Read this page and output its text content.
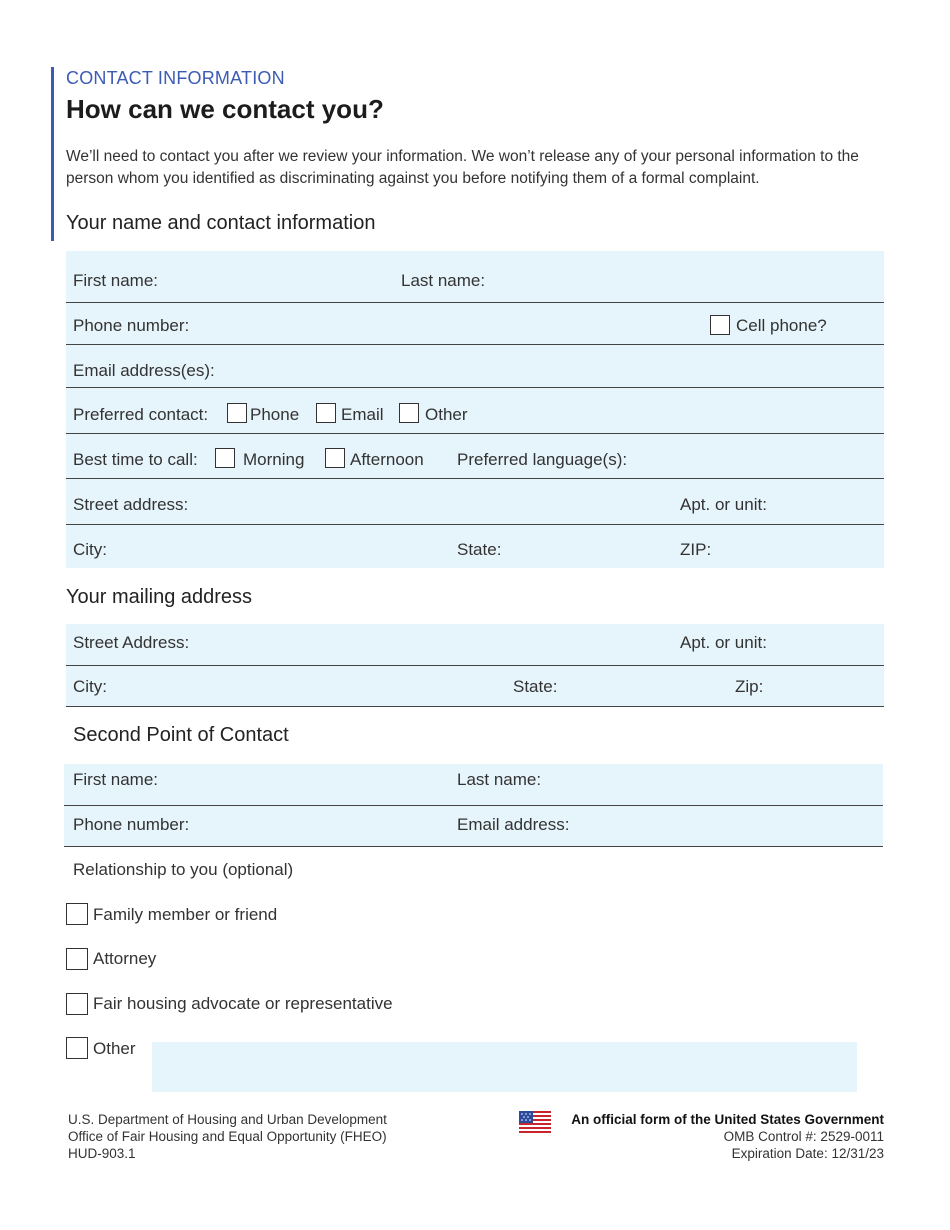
CONTACT INFORMATION
How can we contact you?
We’ll need to contact you after we review your information. We won’t release any of your personal information to the person whom you identified as discriminating against you before notifying them of a formal complaint.
Your name and contact information
First name:	Last name:
Phone number:	Cell phone?
Email address(es):
Preferred contact: Phone Email Other
Best time to call:	Morning	Afternoon Preferred language(s):
Street address:	Apt. or unit:
City:	State:	ZIP:
Your mailing address
Street Address:	Apt. or unit:
City:	State:	Zip:
Second Point of Contact
First name:	Last name:
Phone number:	Email address:
Relationship to you (optional)
Family member or friend
Attorney
Fair housing advocate or representative
Other
U.S. Department of Housing and Urban Development
Office of Fair Housing and Equal Opportunity (FHEO)
HUD-903.1
An official form of the United States Government
OMB Control #: 2529-0011
Expiration Date: 12/31/23
